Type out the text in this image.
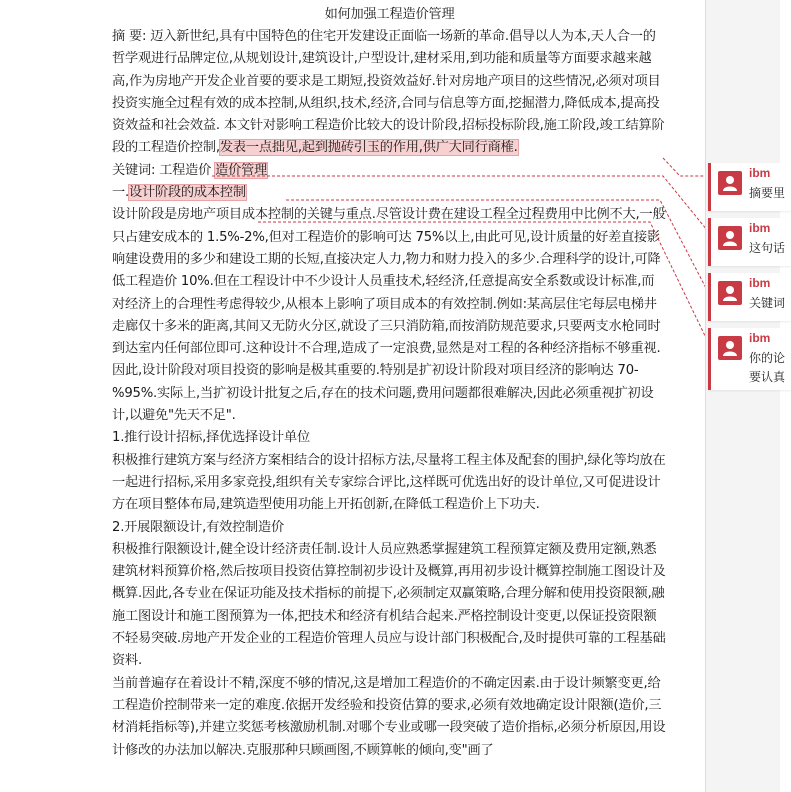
如何加强工程造价管理

摘 要: 迈入新世纪,具有中国特色的住宅开发建设正面临一场新的革命.倡导以人为本,天人合一的哲学观进行品牌定位,从规划设计,建筑设计,户型设计,建材采用,到功能和质量等方面要求越来越高,作为房地产开发企业首要的要求是工期短,投资效益好.针对房地产项目的这些情况,必须对项目投资实施全过程有效的成本控制,从组织,技术,经济,合同与信息等方面,挖掘潜力,降低成本,提高投资效益和社会效益. 本文针对影响工程造价比较大的设计阶段,招标投标阶段,施工阶段,竣工结算阶段的工程造价控制,发表一点拙见,起到抛砖引玉的作用,供广大同行商榷.

关键词: 工程造价 造价管理

一.设计阶段的成本控制

设计阶段是房地产项目成本控制的关键与重点.尽管设计费在建设工程全过程费用中比例不大,一般只占建安成本的 1.5%-2%,但对工程造价的影响可达 75%以上,由此可见,设计质量的好差直接影响建设费用的多少和建设工期的长短,直接决定人力,物力和财力投入的多少.合理科学的设计,可降低工程造价 10%.但在工程设计中不少设计人员重技术,轻经济,任意提高安全系数或设计标准,而对经济上的合理性考虑得较少,从根本上影响了项目成本的有效控制.例如:某高层住宅每层电梯井走廊仅十多米的距离,其间又无防火分区,就设了三只消防箱,而按消防规范要求,只要两支水枪同时到达室内任何部位即可.这种设计不合理,造成了一定浪费,显然是对工程的各种经济指标不够重视.因此,设计阶段对项目投资的影响是极其重要的.特别是扩初设计阶段对项目经济的影响达 70-%95%.实际上,当扩初设计批复之后,存在的技术问题,费用问题都很难解决,因此必须重视扩初设计,以避免"先天不足".

1.推行设计招标,择优选择设计单位

积极推行建筑方案与经济方案相结合的设计招标方法,尽量将工程主体及配套的围护,绿化等均放在一起进行招标,采用多家竞投,组织有关专家综合评比,这样既可优选出好的设计单位,又可促进设计方在项目整体布局,建筑造型使用功能上开拓创新,在降低工程造价上下功夫.

2.开展限额设计,有效控制造价

积极推行限额设计,健全设计经济责任制.设计人员应熟悉掌握建筑工程预算定额及费用定额,熟悉建筑材料预算价格,然后按项目投资估算控制初步设计及概算,再用初步设计概算控制施工图设计及概算.因此,各专业在保证功能及技术指标的前提下,必须制定双赢策略,合理分解和使用投资限额,融施工图设计和施工图预算为一体,把技术和经济有机结合起来.严格控制设计变更,以保证投资限额不轻易突破.房地产开发企业的工程造价管理人员应与设计部门积极配合,及时提供可靠的工程基础资料.

当前普遍存在着设计不精,深度不够的情况,这是增加工程造价的不确定因素.由于设计频繁变更,给工程造价控制带来一定的难度.依据开发经验和投资估算的要求,必须有效地确定设计限额(造价,三材消耗指标等),并建立奖惩考核激励机制.对哪个专业或哪一段突破了造价指标,必须分析原因,用设计修改的办法加以解决.克服那种只顾画图,不顾算帐的倾向,变"画了

ibm
摘要里
ibm
这句话
ibm
关键词
ibm
你的论
要认真
